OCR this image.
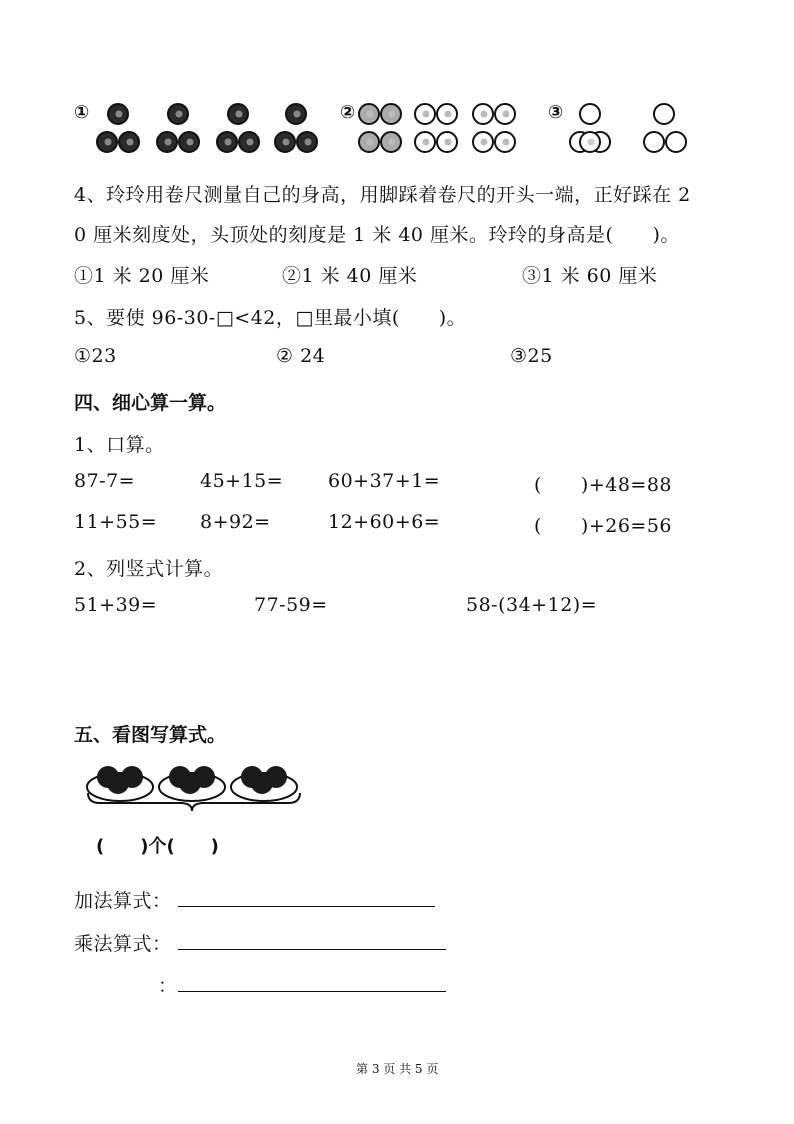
①	②	③
4、玲玲用卷尺测量自己的身高，用脚踩着卷尺的开头一端，正好踩在 2
0 厘米刻度处，头顶处的刻度是 1 米 40 厘米。玲玲的身高是(　　)。
①1 米 20 厘米	②1 米 40 厘米	③1 米 60 厘米
5、要使 96-30-□<42，□里最小填(　　)。
①23	② 24	③25
四、细心算一算。
1、口算。
87-7=	45+15= 60+37+1=	(　　)+48=88
11+55= 8+92=	12+60+6=	(　　)+26=56
2、列竖式计算。
51+39=	77-59=	58-(34+12)=
五、看图写算式。
(　　)个(　　)
加法算式：
乘法算式：
：
第 3 页 共 5 页
